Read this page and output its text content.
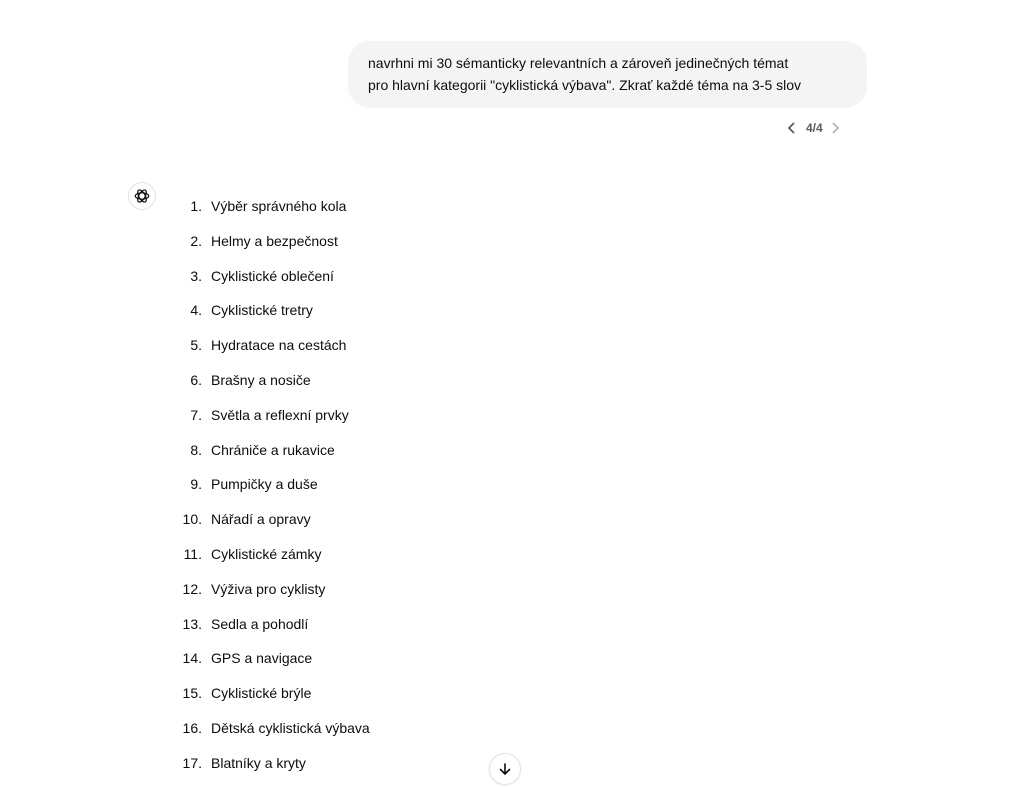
navrhni mi 30 sémanticky relevantních a zároveň jedinečných témat
pro hlavní kategorii "cyklistická výbava". Zkrať každé téma na 3-5 slov
4/4
1. Výběr správného kola
2. Helmy a bezpečnost
3. Cyklistické oblečení
4. Cyklistické tretry
5. Hydratace na cestách
6. Brašny a nosiče
7. Světla a reflexní prvky
8. Chrániče a rukavice
9. Pumpičky a duše
10. Nářadí a opravy
11. Cyklistické zámky
12. Výživa pro cyklisty
13. Sedla a pohodlí
14. GPS a navigace
15. Cyklistické brýle
16. Dětská cyklistická výbava
17. Blatníky a kryty
